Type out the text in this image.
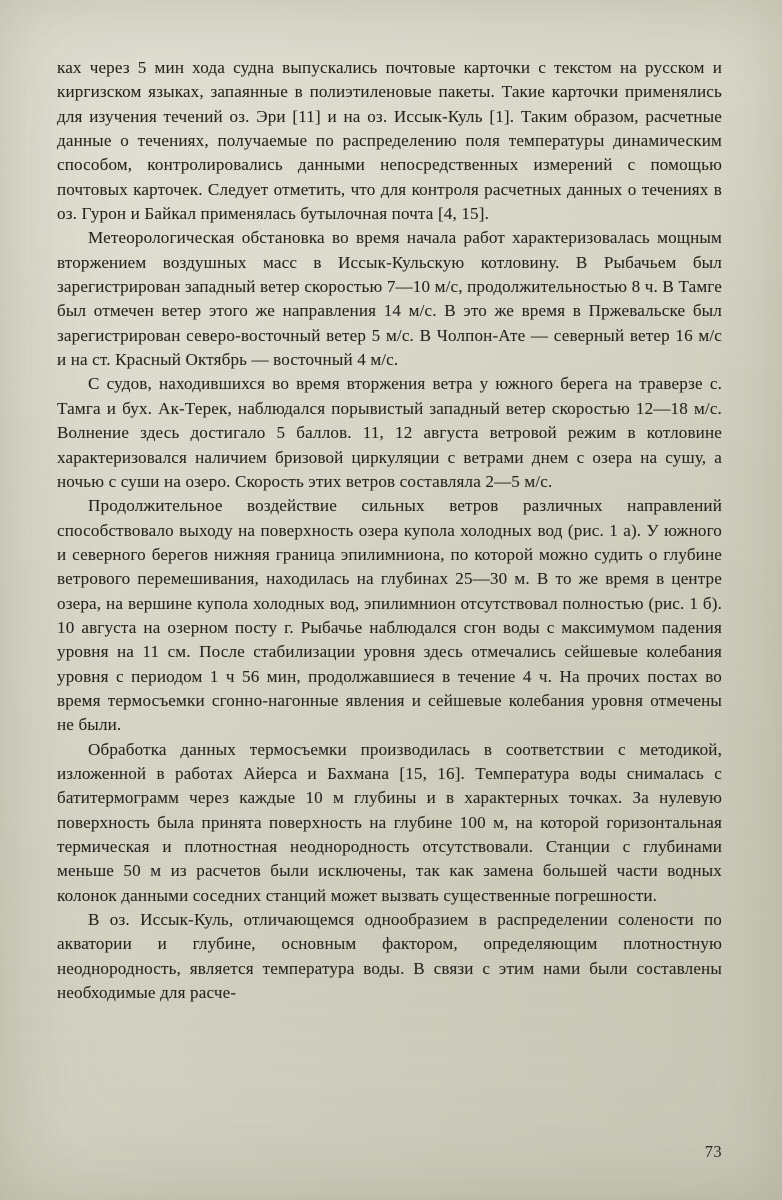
ках через 5 мин хода судна выпускались почтовые карточки с текстом на русском и киргизском языках, запаянные в полиэтиленовые пакеты. Такие карточки применялись для изучения течений оз. Эри [11] и на оз. Иссык-Куль [1]. Таким образом, расчетные данные о течениях, получаемые по распределению поля температуры динамическим способом, контролировались данными непосредственных измерений с помощью почтовых карточек. Следует отметить, что для контроля расчетных данных о течениях в оз. Гурон и Байкал применялась бутылочная почта [4, 15].

Метеорологическая обстановка во время начала работ характеризовалась мощным вторжением воздушных масс в Иссык-Кульскую котловину. В Рыбачьем был зарегистрирован западный ветер скоростью 7—10 м/с, продолжительностью 8 ч. В Тамге был отмечен ветер этого же направления 14 м/с. В это же время в Пржевальске был зарегистрирован северо-восточный ветер 5 м/с. В Чолпон-Ате — северный ветер 16 м/с и на ст. Красный Октябрь — восточный 4 м/с.

С судов, находившихся во время вторжения ветра у южного берега на траверзе с. Тамга и бух. Ак-Терек, наблюдался порывистый западный ветер скоростью 12—18 м/с. Волнение здесь достигало 5 баллов. 11, 12 августа ветровой режим в котловине характеризовался наличием бризовой циркуляции с ветрами днем с озера на сушу, а ночью с суши на озеро. Скорость этих ветров составляла 2—5 м/с.

Продолжительное воздействие сильных ветров различных направлений способствовало выходу на поверхность озера купола холодных вод (рис. 1 а). У южного и северного берегов нижняя граница эпилимниона, по которой можно судить о глубине ветрового перемешивания, находилась на глубинах 25—30 м. В то же время в центре озера, на вершине купола холодных вод, эпилимнион отсутствовал полностью (рис. 1 б). 10 августа на озерном посту г. Рыбачье наблюдался сгон воды с максимумом падения уровня на 11 см. После стабилизации уровня здесь отмечались сейшевые колебания уровня с периодом 1 ч 56 мин, продолжавшиеся в течение 4 ч. На прочих постах во время термосъемки сгонно-нагонные явления и сейшевые колебания уровня отмечены не были.

Обработка данных термосъемки производилась в соответствии с методикой, изложенной в работах Айерса и Бахмана [15, 16]. Температура воды снималась с батитермограмм через каждые 10 м глубины и в характерных точках. За нулевую поверхность была принята поверхность на глубине 100 м, на которой горизонтальная термическая и плотностная неоднородность отсутствовали. Станции с глубинами меньше 50 м из расчетов были исключены, так как замена большей части водных колонок данными соседних станций может вызвать существенные погрешности.

В оз. Иссык-Куль, отличающемся однообразием в распределении солености по акватории и глубине, основным фактором, определяющим плотностную неоднородность, является температура воды. В связи с этим нами были составлены необходимые для расче-

73
